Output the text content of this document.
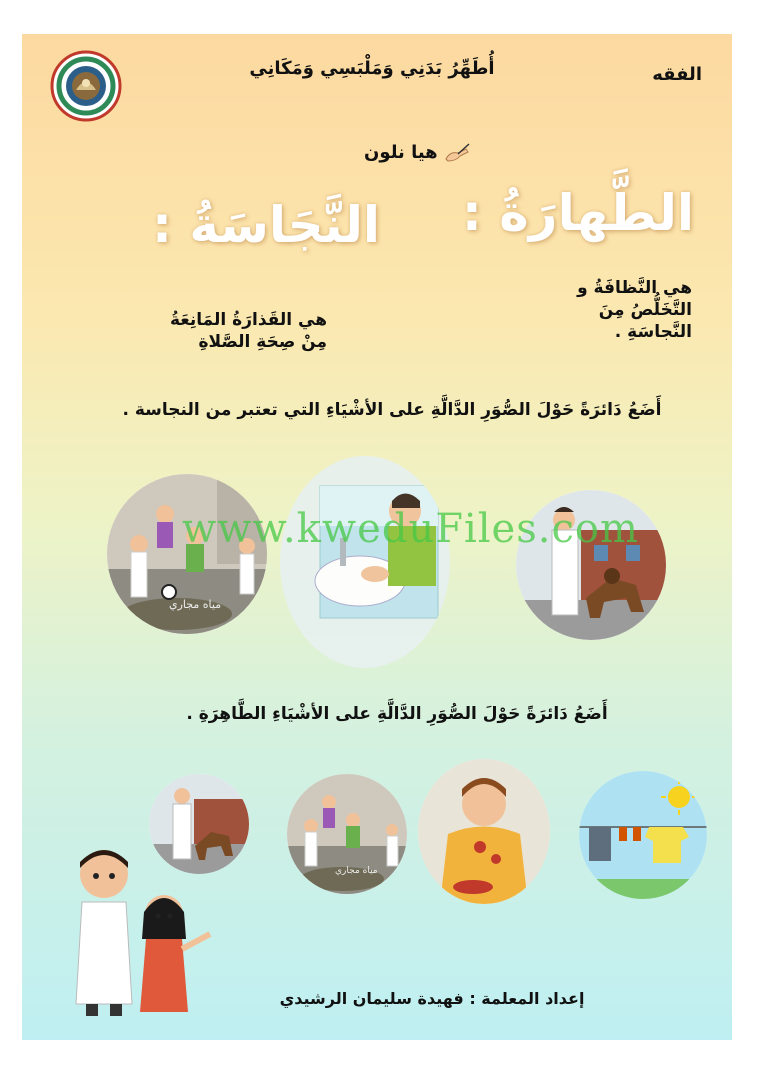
الفقه
أُطَهِّرُ بَدَنِي وَمَلْبَسِي وَمَكَانِي
هيا نلون
الطَّهارَةُ :
النَّجَاسَةُ :
هي النَّظافَةُ و
التَّخَلُّصُ مِنَ
النَّجاسَةِ .
هي القَذارَةُ المَانِعَةُ
مِنْ صِحَةِ الصَّلاةِ
أَضَعُ دَائرَةً حَوْلَ الصُّوَرِ الدَّالَّةِ على الأشْيَاءِ التي تعتبر من النجاسة .
مياه مجاري
www.kweduFiles.com
أَضَعُ دَائرَةً حَوْلَ الصُّوَرِ الدَّالَّةِ على الأشْيَاءِ الطَّاهِرَةِ .
مياه مجاري
إعداد المعلمة : فهيدة سليمان الرشيدي
